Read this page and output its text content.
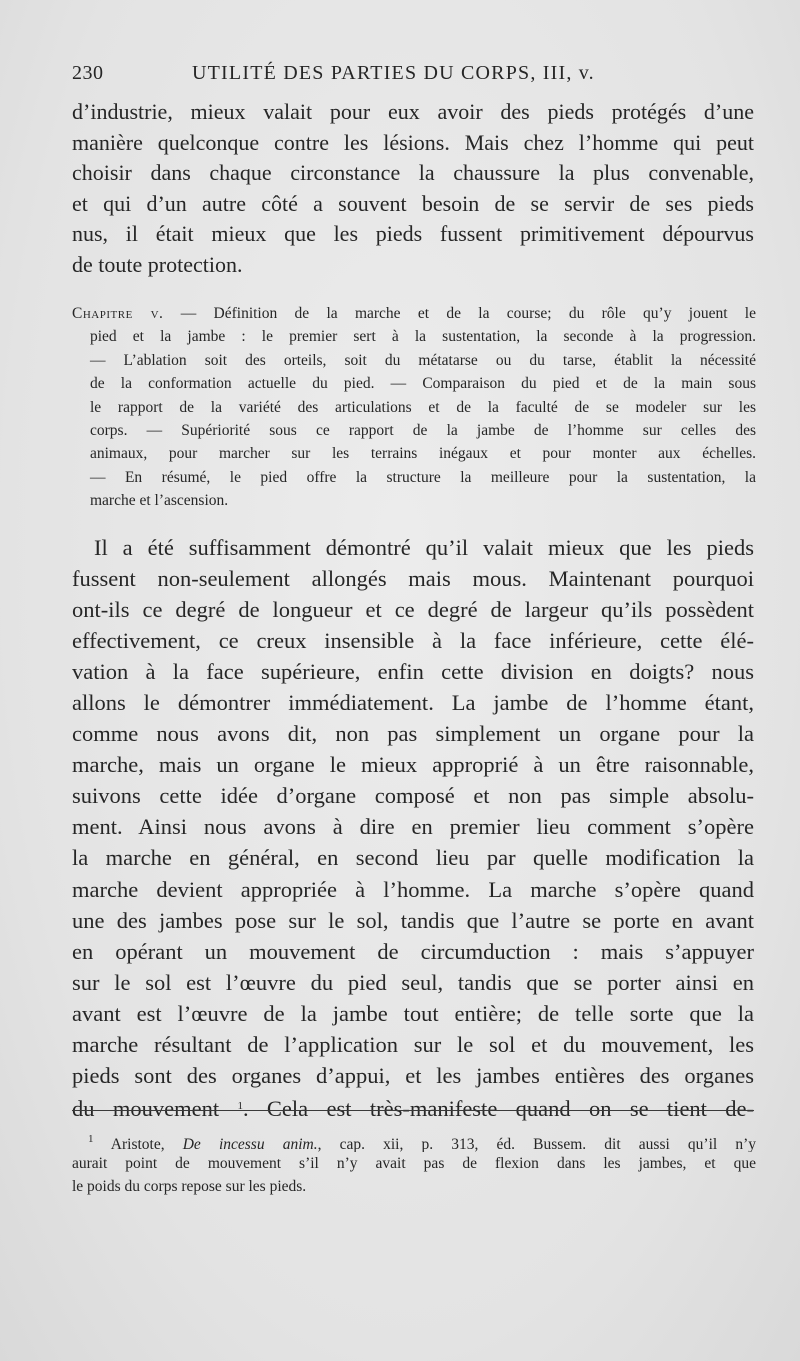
230	UTILITÉ DES PARTIES DU CORPS, III, v.
d’industrie, mieux valait pour eux avoir des pieds protégés d’une
manière quelconque contre les lésions. Mais chez l’homme qui peut
choisir dans chaque circonstance la chaussure la plus convenable,
et qui d’un autre côté a souvent besoin de se servir de ses pieds
nus, il était mieux que les pieds fussent primitivement dépourvus
de toute protection.
Chapitre v. — Définition de la marche et de la course; du rôle qu’y jouent le
pied et la jambe : le premier sert à la sustentation, la seconde à la progression.
— L’ablation soit des orteils, soit du métatarse ou du tarse, établit la nécessité
de la conformation actuelle du pied. — Comparaison du pied et de la main sous
le rapport de la variété des articulations et de la faculté de se modeler sur les
corps. — Supériorité sous ce rapport de la jambe de l’homme sur celles des
animaux, pour marcher sur les terrains inégaux et pour monter aux échelles.
— En résumé, le pied offre la structure la meilleure pour la sustentation, la
marche et l’ascension.
Il a été suffisamment démontré qu’il valait mieux que les pieds
fussent non-seulement allongés mais mous. Maintenant pourquoi
ont-ils ce degré de longueur et ce degré de largeur qu’ils possèdent
effectivement, ce creux insensible à la face inférieure, cette élé-
vation à la face supérieure, enfin cette division en doigts? nous
allons le démontrer immédiatement. La jambe de l’homme étant,
comme nous avons dit, non pas simplement un organe pour la
marche, mais un organe le mieux approprié à un être raisonnable,
suivons cette idée d’organe composé et non pas simple absolu-
ment. Ainsi nous avons à dire en premier lieu comment s’opère
la marche en général, en second lieu par quelle modification la
marche devient appropriée à l’homme. La marche s’opère quand
une des jambes pose sur le sol, tandis que l’autre se porte en avant
en opérant un mouvement de circumduction : mais s’appuyer
sur le sol est l’œuvre du pied seul, tandis que se porter ainsi en
avant est l’œuvre de la jambe tout entière; de telle sorte que la
marche résultant de l’application sur le sol et du mouvement, les
pieds sont des organes d’appui, et les jambes entières des organes
du mouvement $^1$. Cela est très-manifeste quand on se tient de-
$^1$ Aristote, De incessu anim., cap. xii, p. 313, éd. Bussem. dit aussi qu’il n’y
aurait point de mouvement s’il n’y avait pas de flexion dans les jambes, et que
le poids du corps repose sur les pieds.
